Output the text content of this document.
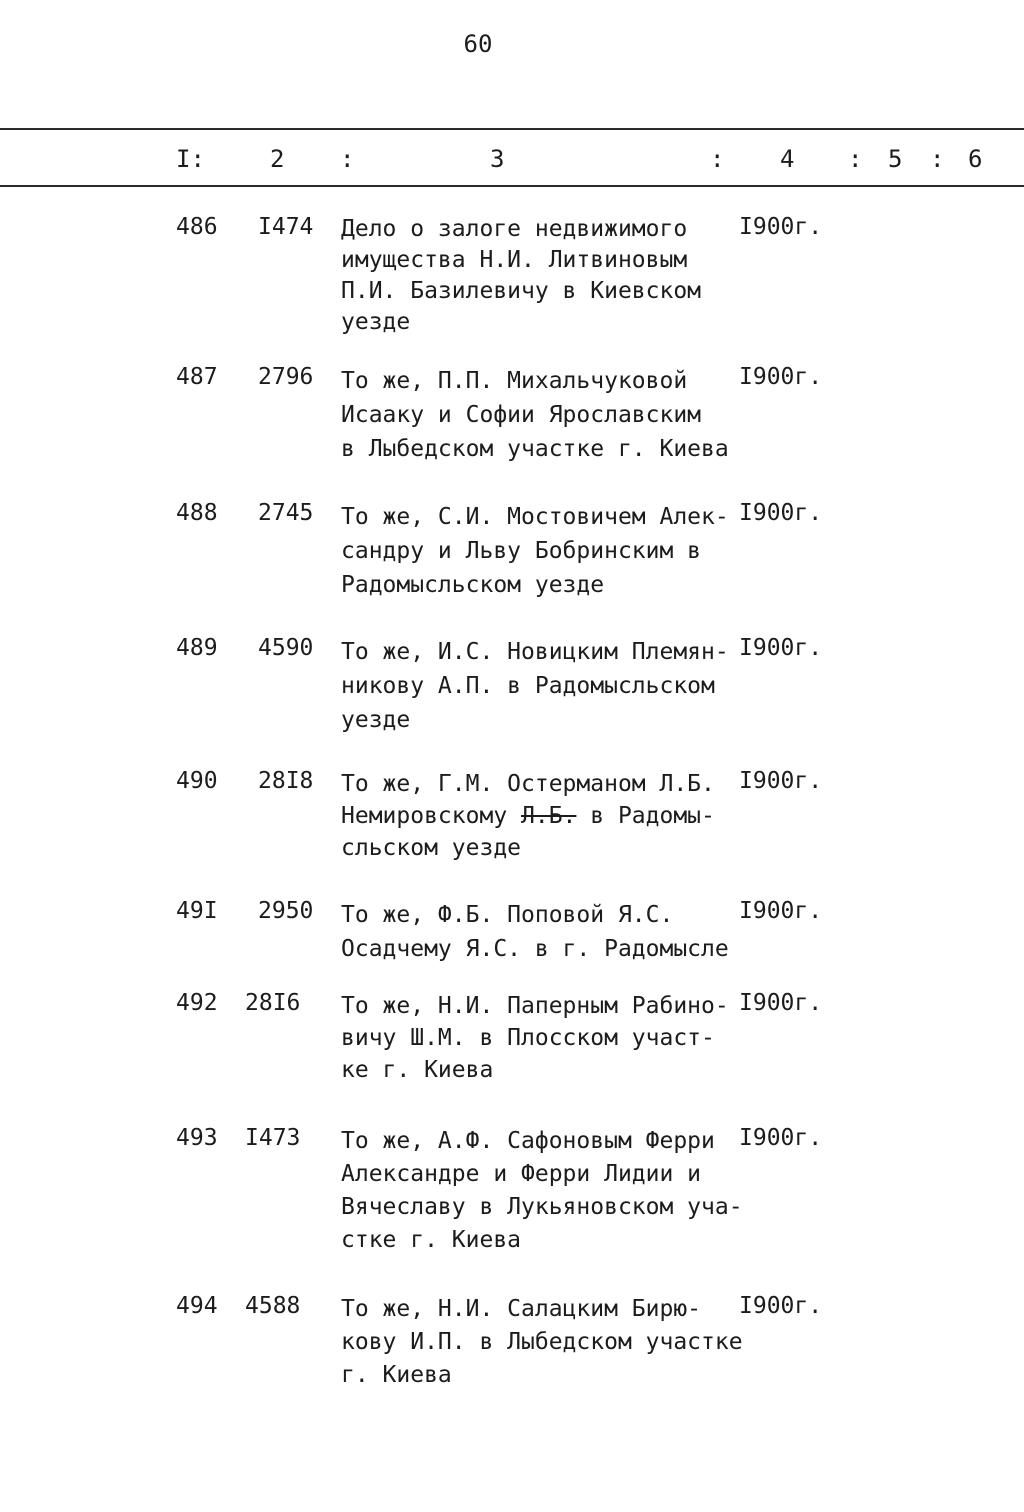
60
I:	2 :	3	: 4 : 5 : 6
486 I474 Дело о залоге недвижимого
имущества Н.И. Литвиновым
П.И. Базилевичу в Киевском
уезде
I900г.
487 2796 То же, П.П. Михальчуковой
Исааку и Софии Ярославским
в Лыбедском участке г. Киева
I900г.
488 2745 То же, С.И. Мостовичем Алек-
сандру и Льву Бобринским в
Радомысльском уезде
I900г.
489 4590 То же, И.С. Новицким Племян-
никову А.П. в Радомысльском
уезде
I900г.
490 28I8 То же, Г.М. Остерманом Л.Б.
Немировскому Л.Б. в Радомы-
сльском уезде
I900г.
49I 2950 То же, Ф.Б. Поповой Я.С.
Осадчему Я.С. в г. Радомысле
I900г.
492 28I6 То же, Н.И. Паперным Рабино-
вичу Ш.М. в Плосском участ-
ке г. Киева
I900г.
493 I473 То же, А.Ф. Сафоновым Ферри
Александре и Ферри Лидии и
Вячеславу в Лукьяновском уча-
стке г. Киева
I900г.
494 4588 То же, Н.И. Салацким Бирю-
кову И.П. в Лыбедском участке
г. Киева
I900г.
